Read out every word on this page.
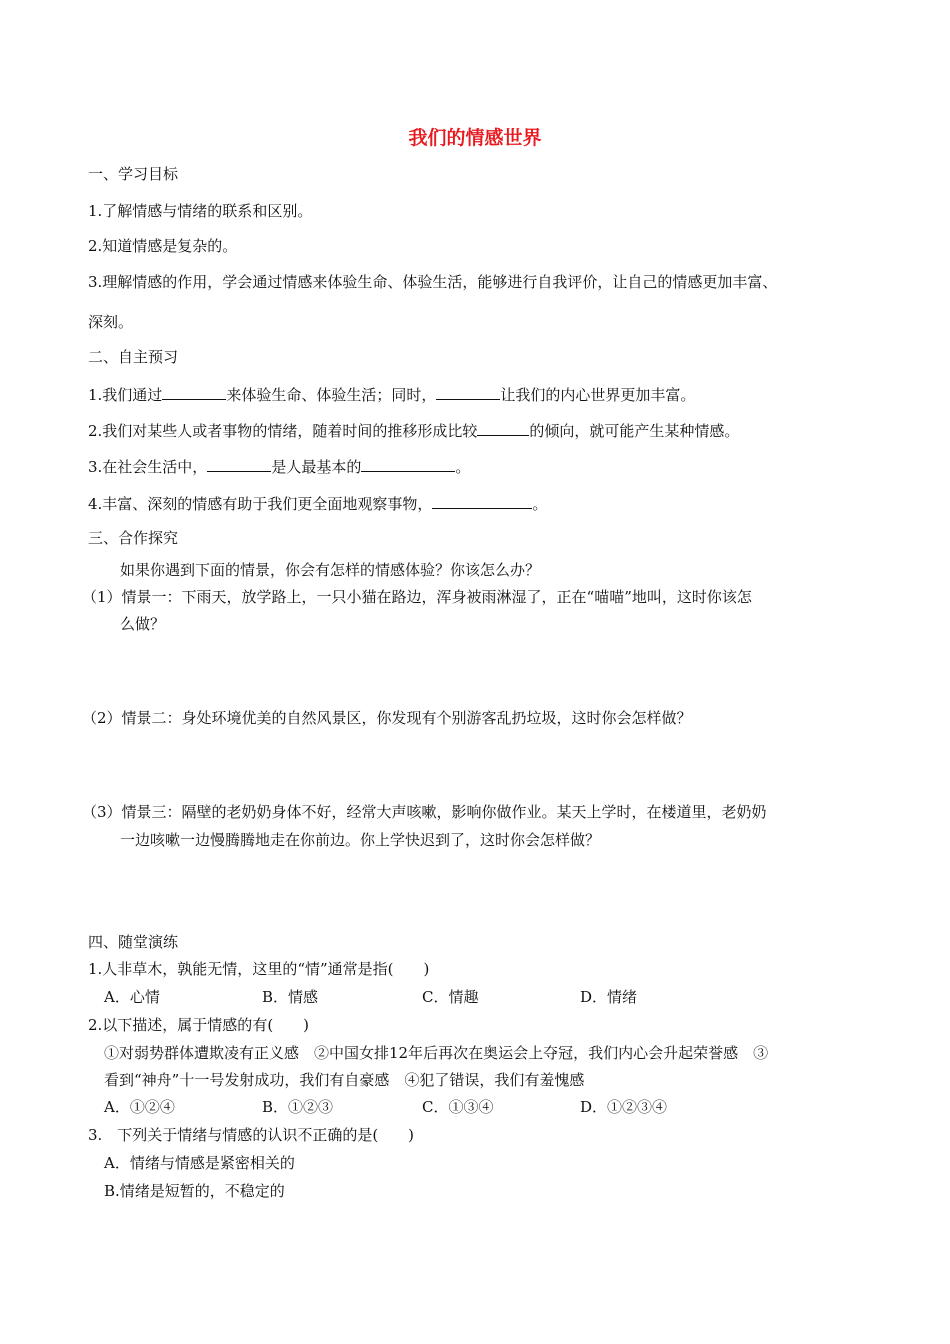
我们的情感世界
一、学习目标
1.了解情感与情绪的联系和区别。
2.知道情感是复杂的。
3.理解情感的作用，学会通过情感来体验生命、体验生活，能够进行自我评价，让自己的情感更加丰富、
深刻。
二、自主预习
1.我们通过	来体验生命、体验生活；同时，	让我们的内心世界更加丰富。
2.我们对某些人或者事物的情绪，随着时间的推移形成比较	的倾向，就可能产生某种情感。
3.在社会生活中，	是人最基本的	。
4.丰富、深刻的情感有助于我们更全面地观察事物，	。
三、合作探究
如果你遇到下面的情景，你会有怎样的情感体验？你该怎么办？
（1）情景一：下雨天，放学路上，一只小猫在路边，浑身被雨淋湿了，正在“喵喵”地叫，这时你该怎
么做？
（2）情景二：身处环境优美的自然风景区，你发现有个别游客乱扔垃圾，这时你会怎样做？
（3）情景三：隔壁的老奶奶身体不好，经常大声咳嗽，影响你做作业。某天上学时，在楼道里，老奶奶
一边咳嗽一边慢腾腾地走在你前边。你上学快迟到了，这时你会怎样做？
四、随堂演练
1.人非草木，孰能无情，这里的“情”通常是指(　　)
A．心情	B．情感	C．情趣	D．情绪
2.以下描述，属于情感的有(　　)
①对弱势群体遭欺凌有正义感　②中国女排12年后再次在奥运会上夺冠，我们内心会升起荣誉感　③
看到“神舟”十一号发射成功，我们有自豪感　④犯了错误，我们有羞愧感
A．①②④	B．①②③	C．①③④	D．①②③④
3.　下列关于情绪与情感的认识不正确的是(　　)
A．情绪与情感是紧密相关的
B.情绪是短暂的，不稳定的
